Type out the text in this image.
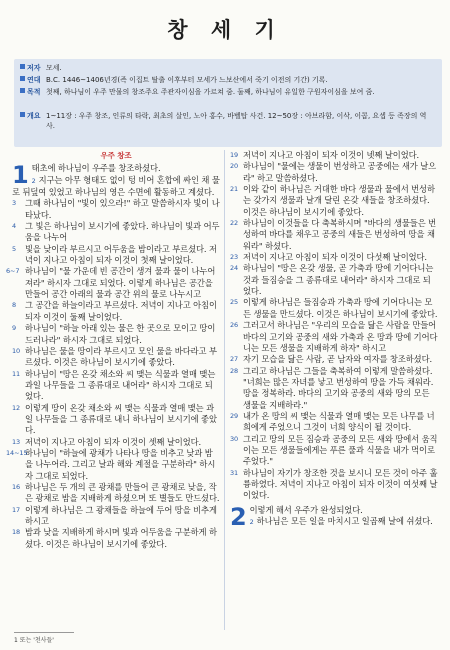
창 세 기
저자 모세.
연대 B.C. 1446~1406년경(즉 이집트 탈출 이후부터 모세가 느보산에서 죽기 이전의 기간) 기록.
목적 첫째, 하나님이 우주 만물의 창조주요 주관자이심을 가르쳐 줌. 둘째, 하나님이 유일한 구원자이심을 보여 줌.
개요 1~11장 : 우주 창조, 인류의 타락, 최초의 살인, 노아 홍수, 바벨탑 사건. 12~50장 : 아브라함, 이삭, 이콥, 요셉 등 족장의 역사.
우주 창조
1 태초에 하나님이 우주를 창조하셨다.
2 지구는 아무 형태도 없이 텅 비어 혼합에 싸인 채 물로 뒤덮여 있었고 하나님의 영은 수면에 활동하고 계셨다.
3	그때 하나님이 "빛이 있으라!" 하고 말씀하시자 빛이 나타났다.
4	그 빛은 하나님이 보시기에 좋았다. 하나님이 빛과 어두움을 나누어
5	빛을 낮이라 부르시고 어두움을 밤이라고 부르셨다. 저녁이 지나고 아침이 되자 이것이 첫째 날이었다.
6~7 하나님이 "물 가운데 빈 공간이 생겨 물과 물이 나누어져라" 하시자 그대로 되었다. 이렇게 하나님은 공간을 만들어 공간 아래의 물과 공간 위의 물로 나누시고
8	그 공간을 하늘이라고 부르셨다. 저녁이 지나고 아침이 되자 이것이 둘째 날이었다.
9	하나님이 "하늘 아래 있는 물은 한 곳으로 모이고 땅이 드러나라" 하시자 그대로 되었다.
10 하나님은 물을 땅이라 부르시고 모인 물을 바다라고 부르셨다. 이것은 하나님이 보시기에 좋았다.
11 하나님이 "땅은 온갖 채소와 씨 맺는 식물과 열매 맺는 과일 나무들을 그 종류대로 내어라" 하시자 그대로 되었다.
12 이렇게 땅이 온갖 채소와 씨 맺는 식물과 열매 맺는 과일 나무들을 그 종류대로 내니 하나님이 보시기에 좋았다.
13 저녁이 지나고 아침이 되자 이것이 셋째 날이었다.
14~15
하나님이 "하늘에 광채가 나타나 땅을 비추고 낮과 밤을 나누어라. 그리고 날과 해와 계절을 구분하라" 하시자 그대로 되었다.
16 하나님은 두 개의 큰 광채를 만들어 큰 광채로 낮을, 작은 광채로 밤을 지배하게 하셨으며 또 별들도 만드셨다.
17 이렇게 하나님은 그 광채들을 하늘에 두어 땅을 비추게 하시고
18 밤과 낮을 지배하게 하시며 빛과 어두움을 구분하게 하셨다. 이것은 하나님이 보시기에 좋았다.
19 저녁이 지나고 아침이 되자 이것이 넷째 날이었다.
20 하나님이 "물에는 생물이 번성하고 공중에는 새가 날으라" 하고 말씀하셨다.
21 이와 같이 하나님은 거대한 바다 생물과 물에서 번성하는 갖가지 생물과 날개 달린 온갖 새들을 창조하셨다. 이것은 하나님이 보시기에 좋았다.
22 하나님이 이것들을 다 축복하시며 "바다의 생물들은 번성하여 바다를 채우고 공중의 새들은 번성하여 땅을 채워라" 하셨다.
23 저녁이 지나고 아침이 되자 이것이 다섯째 날이었다.
24 하나님이 "땅은 온갖 생물, 곧 가축과 땅에 기어다니는 것과 들짐승을 그 종류대로 내어라" 하시자 그대로 되었다.
25 이렇게 하나님은 들짐승과 가축과 땅에 기어다니는 모든 생물을 만드셨다. 이것은 하나님이 보시기에 좋았다.
26 그러고서 하나님은 "우리의 모습을 닮은 사람을 만들어 바다의 고기와 공중의 새와 가축과 온 땅과 땅에 기어다니는 모든 생물을 지배하게 하자" 하시고
27 자기 모습을 닮은 사람, 곧 남자와 여자를 창조하셨다.
28 그리고 하나님은 그들을 축복하여 이렇게 말씀하셨다. "너희는 많은 자녀를 낳고 번성하여 땅을 가득 채워라. 땅을 정복하라. 바다의 고기와 공중의 새와 땅의 모든 생물을 지배하라."
29 내가 온 땅의 씨 맺는 식물과 열매 맺는 모든 나무를 너희에게 주었으니 그것이 너희 양식이 될 것이다.
30 그리고 땅의 모든 짐승과 공중의 모든 새와 땅에서 움직이는 모든 생물들에게는 푸른 풀과 식물을 내가 먹이로 주었다."
31 하나님이 자기가 창조한 것을 보시니 모든 것이 아주 훌륭하였다. 저녁이 지나고 아침이 되자 이것이 여섯째 날이었다.
2 이렇게 해서 우주가 완성되었다.
2 하나님은 모든 일을 마치시고 일곱째 날에 쉬셨다.
1 또는 '천사들'
